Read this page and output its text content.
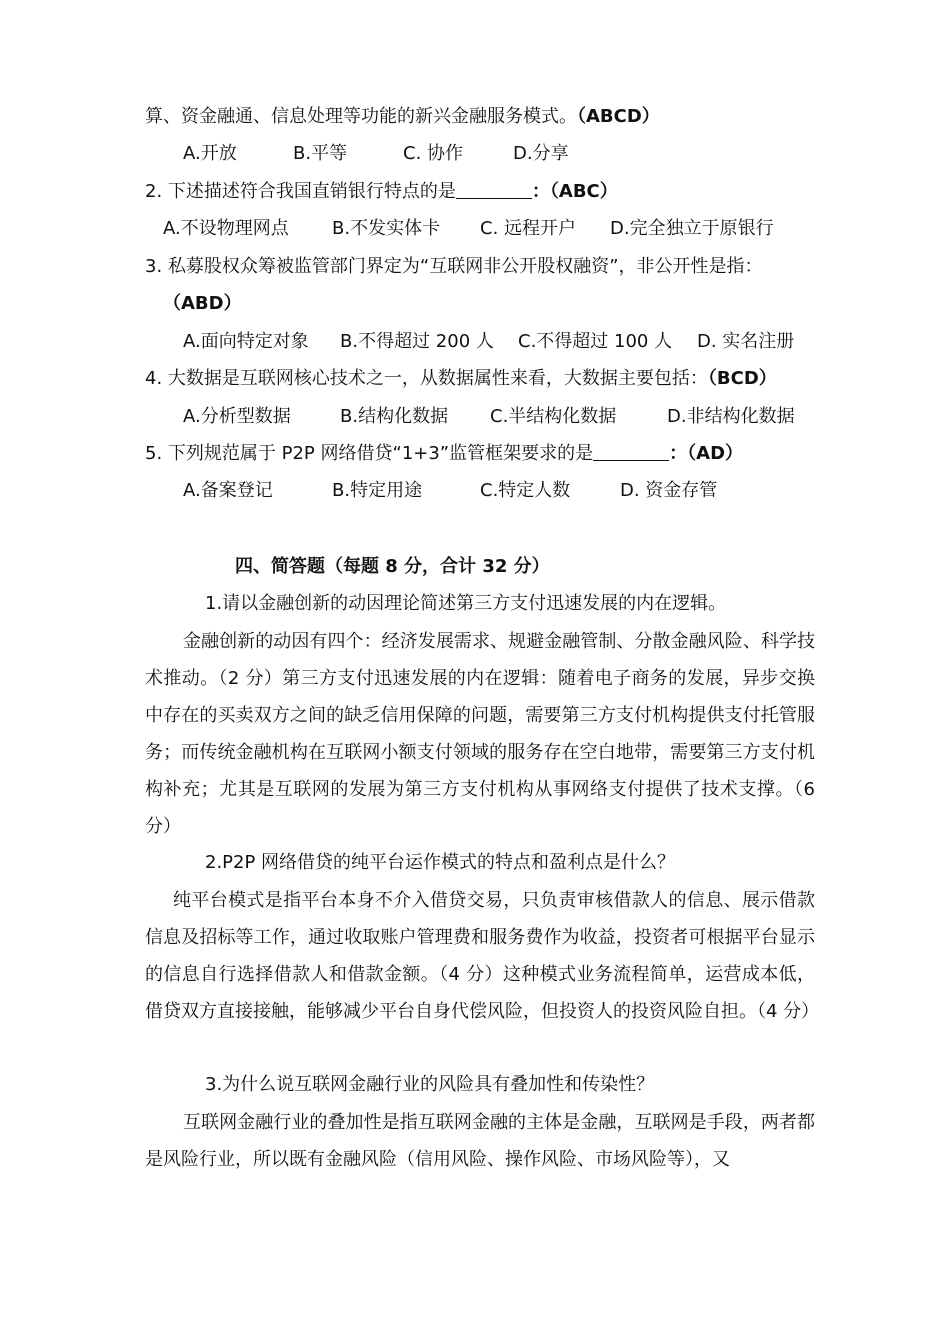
算、资金融通、信息处理等功能的新兴金融服务模式。（ABCD）
A.开放	B.平等	C. 协作	D.分享
2. 下述描述符合我国直销银行特点的是	：（ABC）
A.不设物理网点 B.不发实体卡 C. 远程开户 D.完全独立于原银行
3. 私募股权众筹被监管部门界定为“互联网非公开股权融资”，非公开性是指：
（ABD）
A.面向特定对象 B.不得超过 200 人 C.不得超过 100 人 D. 实名注册
4. 大数据是互联网核心技术之一，从数据属性来看，大数据主要包括：（BCD）
A.分析型数据	B.结构化数据 C.半结构化数据	D.非结构化数据
5. 下列规范属于 P2P 网络借贷“1+3”监管框架要求的是	：（AD）
A.备案登记	B.特定用途	C.特定人数	D. 资金存管
四、简答题（每题 8 分，合计 32 分）
1.请以金融创新的动因理论简述第三方支付迅速发展的内在逻辑。
金融创新的动因有四个：经济发展需求、规避金融管制、分散金融风险、科学技术推动。（2 分）第三方支付迅速发展的内在逻辑：随着电子商务的发展，异步交换中存在的买卖双方之间的缺乏信用保障的问题，需要第三方支付机构提供支付托管服务；而传统金融机构在互联网小额支付领域的服务存在空白地带，需要第三方支付机构补充；尤其是互联网的发展为第三方支付机构从事网络支付提供了技术支撑。（6 分）
2.P2P 网络借贷的纯平台运作模式的特点和盈利点是什么？
纯平台模式是指平台本身不介入借贷交易，只负责审核借款人的信息、展示借款信息及招标等工作，通过收取账户管理费和服务费作为收益，投资者可根据平台显示的信息自行选择借款人和借款金额。（4 分）这种模式业务流程简单，运营成本低，借贷双方直接接触，能够减少平台自身代偿风险，但投资人的投资风险自担。（4 分）
3.为什么说互联网金融行业的风险具有叠加性和传染性？
互联网金融行业的叠加性是指互联网金融的主体是金融，互联网是手段，两者都是风险行业，所以既有金融风险（信用风险、操作风险、市场风险等），又
